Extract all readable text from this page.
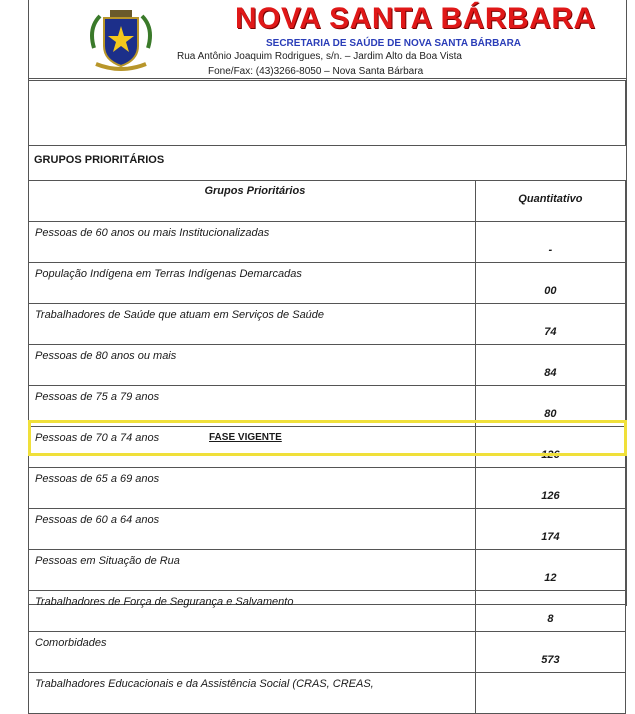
NOVA SANTA BÁRBARA
SECRETARIA DE SAÚDE DE NOVA SANTA BÁRBARA
Rua Antônio Joaquim Rodrigues, s/n. – Jardim Alto da Boa Vista
Fone/Fax: (43)3266-8050 – Nova Santa Bárbara
GRUPOS PRIORITÁRIOS
Grupos Prioritários	Quantitativo
Pessoas de 60 anos ou mais Institucionalizadas	-
População Indígena em Terras Indígenas Demarcadas	00
Trabalhadores de Saúde que atuam em Serviços de Saúde	74
Pessoas de 80 anos ou mais	84
Pessoas de 75 a 79 anos	80
Pessoas de 70 a 74 anos	126
Pessoas de 65 a 69 anos	126
Pessoas de 60 a 64 anos	174
Pessoas em Situação de Rua	12
Trabalhadores de Força de Segurança e Salvamento	8
Comorbidades	573
Trabalhadores Educacionais e da Assistência Social (CRAS, CREAS,	
FASE VIGENTE
